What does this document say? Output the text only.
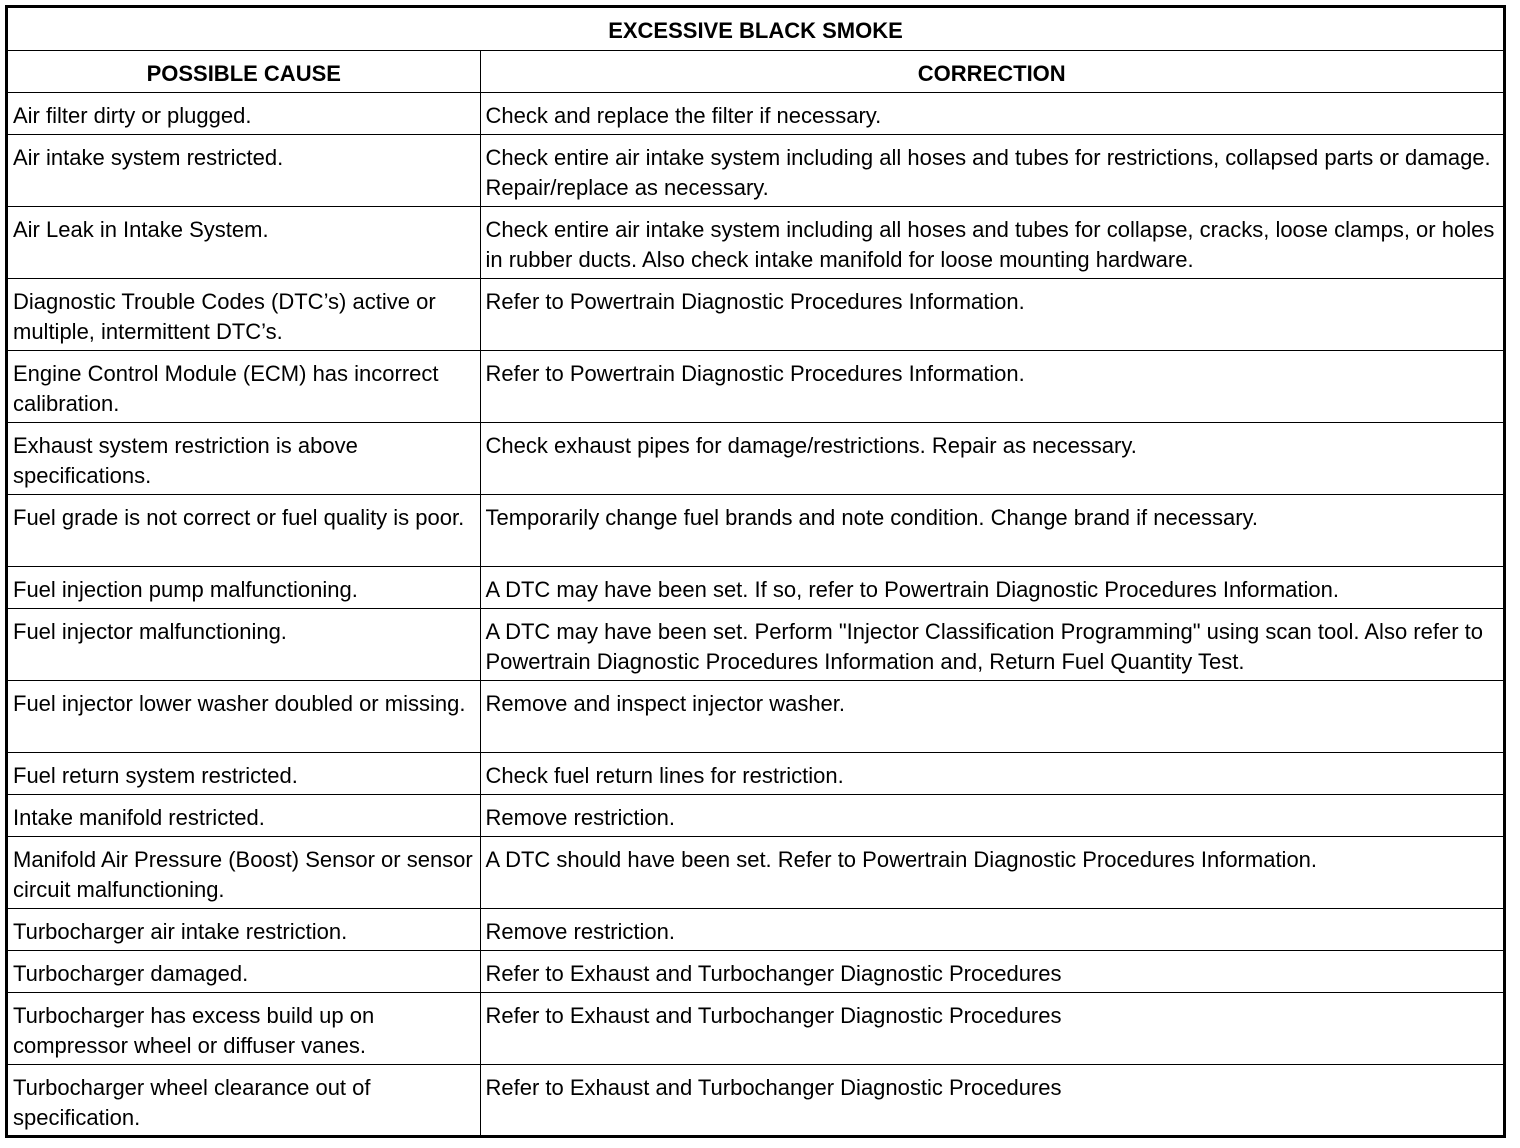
EXCESSIVE BLACK SMOKE	
POSSIBLE CAUSE	CORRECTION
Air filter dirty or plugged.	Check and replace the filter if necessary.
Air intake system restricted.	Check entire air intake system including all hoses and tubes for restrictions, collapsed parts or damage. Repair/replace as necessary.
Air Leak in Intake System.	Check entire air intake system including all hoses and tubes for collapse, cracks, loose clamps, or holes in rubber ducts. Also check intake manifold for loose mounting hardware.
Diagnostic Trouble Codes (DTC’s) active or multiple, intermittent DTC’s.	Refer to Powertrain Diagnostic Procedures Information.
Engine Control Module (ECM) has incorrect calibration.	Refer to Powertrain Diagnostic Procedures Information.
Exhaust system restriction is above specifications.	Check exhaust pipes for damage/restrictions. Repair as necessary.
Fuel grade is not correct or fuel quality is poor.	Temporarily change fuel brands and note condition. Change brand if necessary.
Fuel injection pump malfunctioning.	A DTC may have been set. If so, refer to Powertrain Diagnostic Procedures Information.
Fuel injector malfunctioning.	A DTC may have been set. Perform "Injector Classification Programming" using scan tool. Also refer to Powertrain Diagnostic Procedures Information and, Return Fuel Quantity Test.
Fuel injector lower washer doubled or missing.	Remove and inspect injector washer.
Fuel return system restricted.	Check fuel return lines for restriction.
Intake manifold restricted.	Remove restriction.
Manifold Air Pressure (Boost) Sensor or sensor circuit malfunctioning.	A DTC should have been set. Refer to Powertrain Diagnostic Procedures Information.
Turbocharger air intake restriction.	Remove restriction.
Turbocharger damaged.	Refer to Exhaust and Turbochanger Diagnostic Procedures
Turbocharger has excess build up on compressor wheel or diffuser vanes.	Refer to Exhaust and Turbochanger Diagnostic Procedures
Turbocharger wheel clearance out of specification.	Refer to Exhaust and Turbochanger Diagnostic Procedures
